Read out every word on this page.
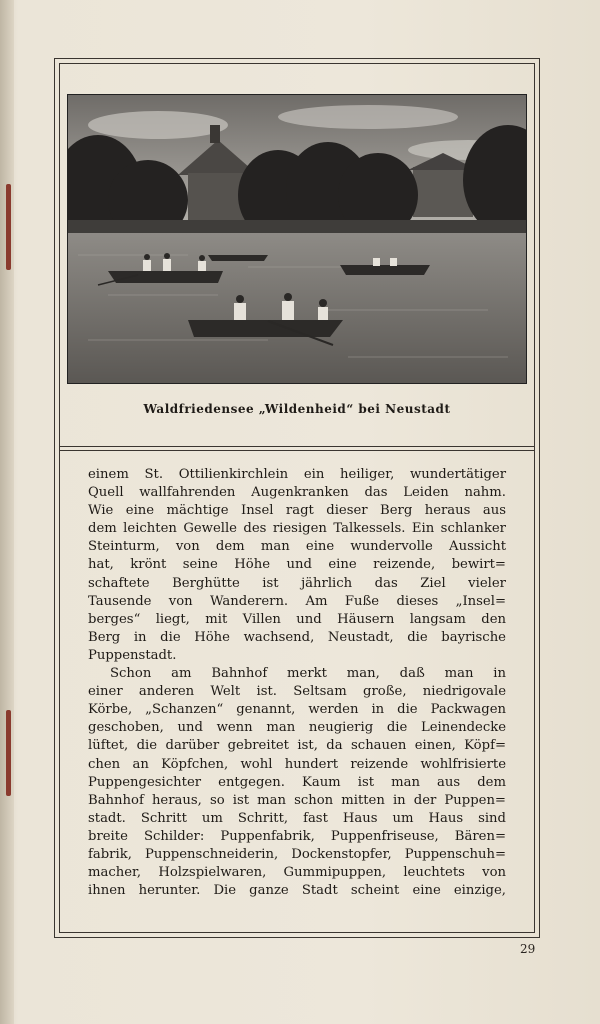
Waldfriedensee „Wildenheid“ bei Neustadt
einem St. Ottilienkirchlein ein heiliger, wundertätiger
Quell wallfahrenden Augenkranken das Leiden nahm.
Wie eine mächtige Insel ragt dieser Berg heraus aus
dem leichten Gewelle des riesigen Talkessels. Ein schlanker
Steinturm, von dem man eine wundervolle Aussicht
hat, krönt seine Höhe und eine reizende, bewirt=
schaftete Berghütte ist jährlich das Ziel vieler
Tausende von Wanderern. Am Fuße dieses „Insel=
berges“ liegt, mit Villen und Häusern langsam den
Berg in die Höhe wachsend, Neustadt, die bayrische
Puppenstadt.
Schon am Bahnhof merkt man, daß man in
einer anderen Welt ist. Seltsam große, niedrigovale
Körbe, „Schanzen“ genannt, werden in die Packwagen
geschoben, und wenn man neugierig die Leinendecke
lüftet, die darüber gebreitet ist, da schauen einen, Köpf=
chen an Köpfchen, wohl hundert reizende wohlfrisierte
Puppengesichter entgegen. Kaum ist man aus dem
Bahnhof heraus, so ist man schon mitten in der Puppen=
stadt. Schritt um Schritt, fast Haus um Haus sind
breite Schilder: Puppenfabrik, Puppenfriseuse, Bären=
fabrik, Puppenschneiderin, Dockenstopfer, Puppenschuh=
macher, Holzspielwaren, Gummipuppen, leuchtets von
ihnen herunter. Die ganze Stadt scheint eine einzige,
29
